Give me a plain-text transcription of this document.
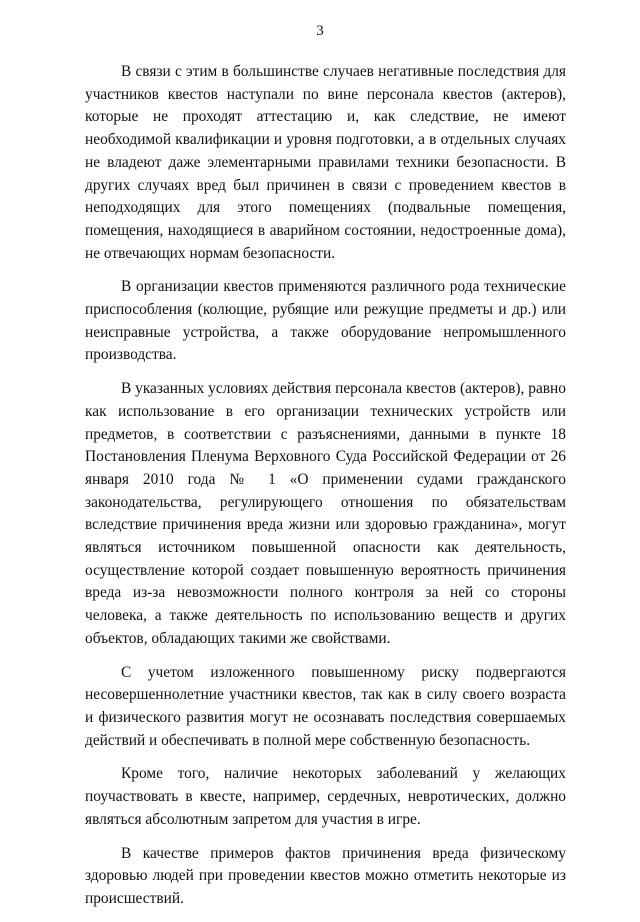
3

В связи с этим в большинстве случаев негативные последствия для участников квестов наступали по вине персонала квестов (актеров), которые не проходят аттестацию и, как следствие, не имеют необходимой квалификации и уровня подготовки, а в отдельных случаях не владеют даже элементарными правилами техники безопасности. В других случаях вред был причинен в связи с проведением квестов в неподходящих для этого помещениях (подвальные помещения, помещения, находящиеся в аварийном состоянии, недостроенные дома), не отвечающих нормам безопасности.

В организации квестов применяются различного рода технические приспособления (колющие, рубящие или режущие предметы и др.) или неисправные устройства, а также оборудование непромышленного производства.

В указанных условиях действия персонала квестов (актеров), равно как использование в его организации технических устройств или предметов, в соответствии с разъяснениями, данными в пункте 18 Постановления Пленума Верховного Суда Российской Федерации от 26 января 2010 года № 1 «О применении судами гражданского законодательства, регулирующего отношения по обязательствам вследствие причинения вреда жизни или здоровью гражданина», могут являться источником повышенной опасности как деятельность, осуществление которой создает повышенную вероятность причинения вреда из-за невозможности полного контроля за ней со стороны человека, а также деятельность по использованию веществ и других объектов, обладающих такими же свойствами.

С учетом изложенного повышенному риску подвергаются несовершеннолетние участники квестов, так как в силу своего возраста и физического развития могут не осознавать последствия совершаемых действий и обеспечивать в полной мере собственную безопасность.

Кроме того, наличие некоторых заболеваний у желающих поучаствовать в квесте, например, сердечных, невротических, должно являться абсолютным запретом для участия в игре.

В качестве примеров фактов причинения вреда физическому здоровью людей при проведении квестов можно отметить некоторые из происшествий.
